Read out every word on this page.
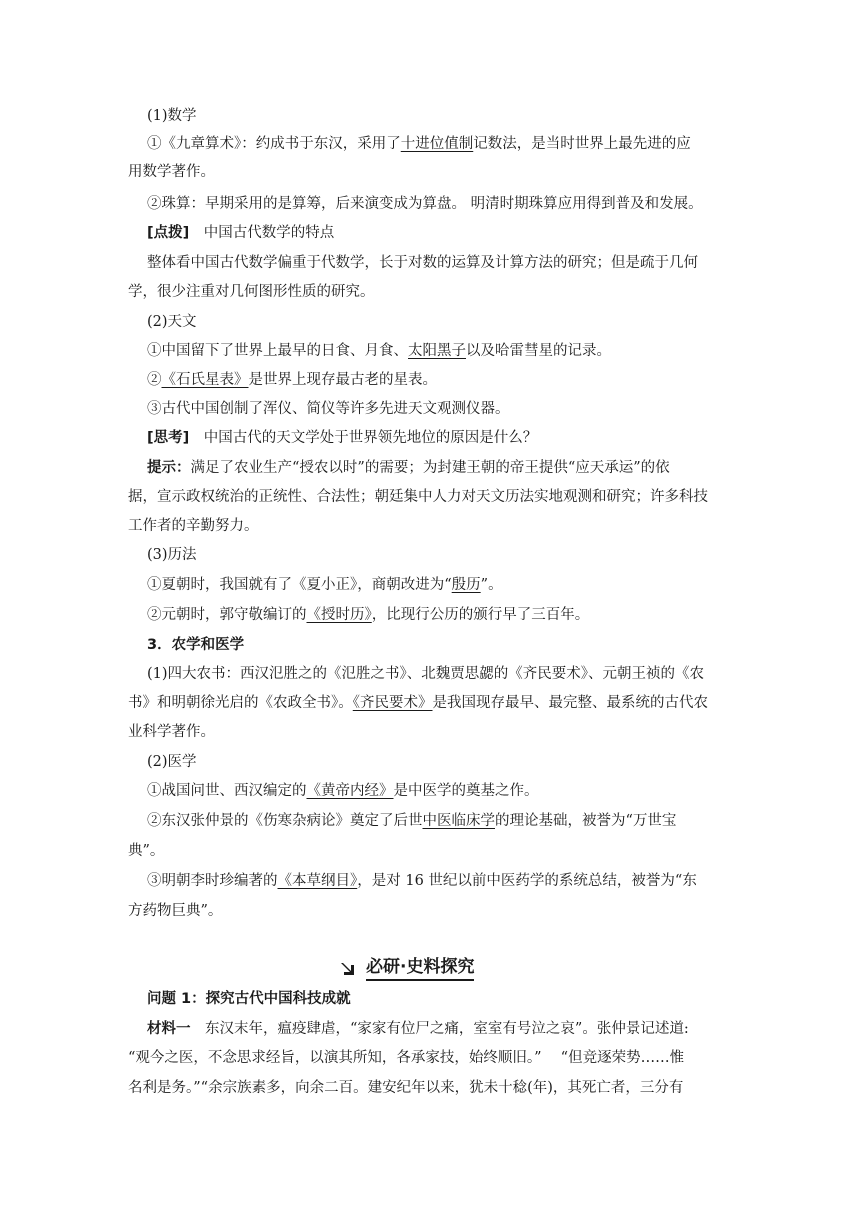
(1)数学
①《九章算术》：约成书于东汉，采用了十进位值制记数法，是当时世界上最先进的应
用数学著作。
②珠算：早期采用的是算筹，后来演变成为算盘。 明清时期珠算应用得到普及和发展。
[点拨]　 中国古代数学的特点
整体看中国古代数学偏重于代数学，长于对数的运算及计算方法的研究；但是疏于几何
学，很少注重对几何图形性质的研究。
(2)天文
①中国留下了世界上最早的日食、月食、太阳黑子以及哈雷彗星的记录。
②《石氏星表》是世界上现存最古老的星表。
③古代中国创制了浑仪、简仪等许多先进天文观测仪器。
[思考]　 中国古代的天文学处于世界领先地位的原因是什么？
提示：满足了农业生产“授农以时”的需要；为封建王朝的帝王提供“应天承运”的依
据，宣示政权统治的正统性、合法性；朝廷集中人力对天文历法实地观测和研究；许多科技
工作者的辛勤努力。
(3)历法
①夏朝时，我国就有了《夏小正》，商朝改进为“殷历”。
②元朝时，郭守敬编订的《授时历》，比现行公历的颁行早了三百年。
3．农学和医学
(1)四大农书：西汉氾胜之的《氾胜之书》、北魏贾思勰的《齐民要术》、元朝王祯的《农
书》和明朝徐光启的《农政全书》。《齐民要术》是我国现存最早、最完整、最系统的古代农
业科学著作。
(2)医学
①战国问世、西汉编定的《黄帝内经》是中医学的奠基之作。
②东汉张仲景的《伤寒杂病论》奠定了后世中医临床学的理论基础，被誉为“万世宝
典”。
③明朝李时珍编著的《本草纲目》，是对 16 世纪以前中医药学的系统总结，被誉为“东
方药物巨典”。
必研·史料探究
问题 1：探究古代中国科技成就
材料一　 东汉末年，瘟疫肆虐，“家家有位尸之痛，室室有号泣之哀”。张仲景记述道:
“观今之医，不念思求经旨，以演其所知，各承家技，始终顺旧。”　 “但竞逐荣势……惟
名利是务。”“余宗族素多，向余二百。建安纪年以来，犹未十稔(年)，其死亡者，三分有
